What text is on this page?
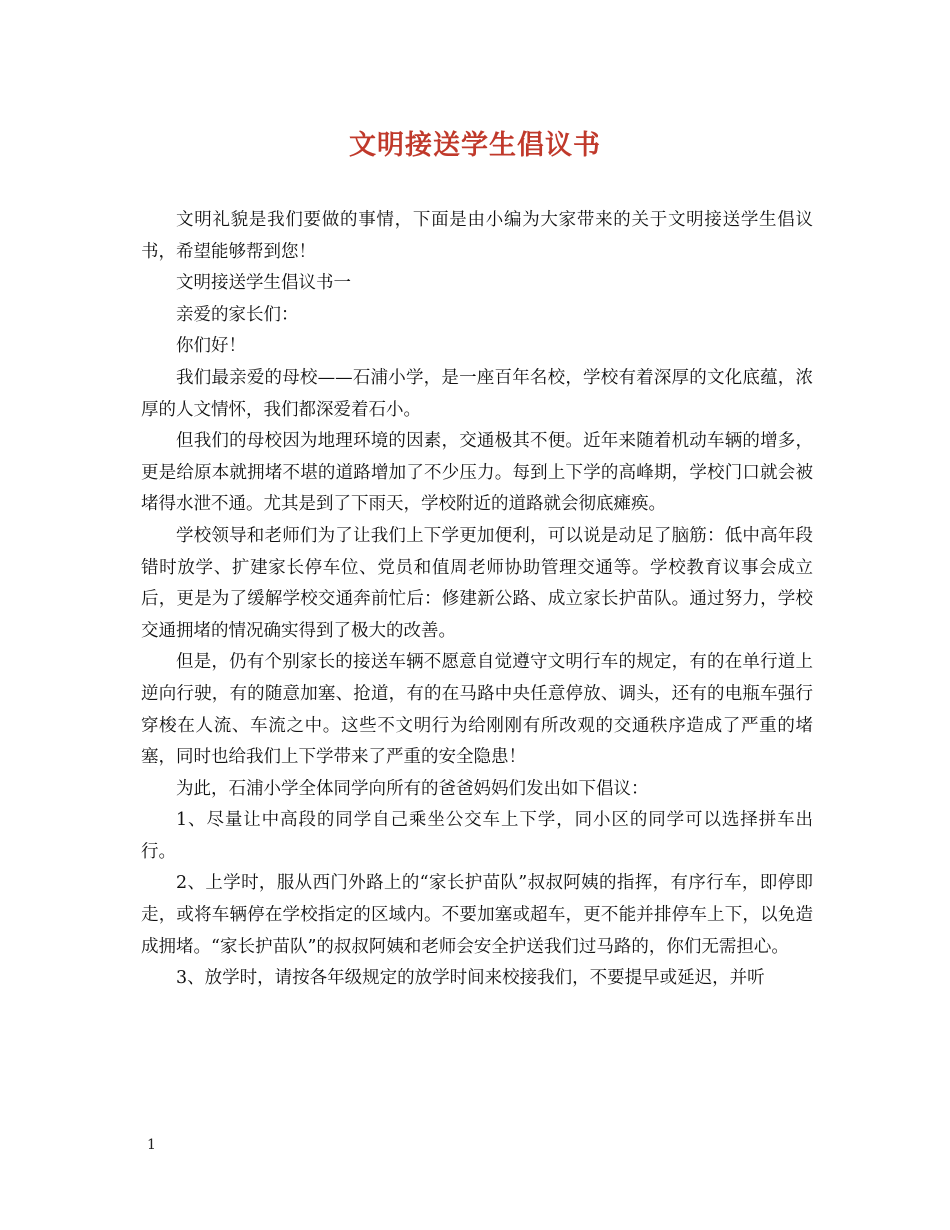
文明接送学生倡议书

文明礼貌是我们要做的事情，下面是由小编为大家带来的关于文明接送学生倡议书，希望能够帮到您！

文明接送学生倡议书一

亲爱的家长们：

你们好！

我们最亲爱的母校——石浦小学，是一座百年名校，学校有着深厚的文化底蕴，浓厚的人文情怀，我们都深爱着石小。

但我们的母校因为地理环境的因素，交通极其不便。近年来随着机动车辆的增多，更是给原本就拥堵不堪的道路增加了不少压力。每到上下学的高峰期，学校门口就会被堵得水泄不通。尤其是到了下雨天，学校附近的道路就会彻底瘫痪。

学校领导和老师们为了让我们上下学更加便利，可以说是动足了脑筋：低中高年段错时放学、扩建家长停车位、党员和值周老师协助管理交通等。学校教育议事会成立后，更是为了缓解学校交通奔前忙后：修建新公路、成立家长护苗队。通过努力，学校交通拥堵的情况确实得到了极大的改善。

但是，仍有个别家长的接送车辆不愿意自觉遵守文明行车的规定，有的在单行道上逆向行驶，有的随意加塞、抢道，有的在马路中央任意停放、调头，还有的电瓶车强行穿梭在人流、车流之中。这些不文明行为给刚刚有所改观的交通秩序造成了严重的堵塞，同时也给我们上下学带来了严重的安全隐患！

为此，石浦小学全体同学向所有的爸爸妈妈们发出如下倡议：

1、尽量让中高段的同学自己乘坐公交车上下学，同小区的同学可以选择拼车出行。

2、上学时，服从西门外路上的“家长护苗队”叔叔阿姨的指挥，有序行车，即停即走，或将车辆停在学校指定的区域内。不要加塞或超车，更不能并排停车上下，以免造成拥堵。“家长护苗队”的叔叔阿姨和老师会安全护送我们过马路的，你们无需担心。

3、放学时，请按各年级规定的放学时间来校接我们，不要提早或延迟，并听

1
